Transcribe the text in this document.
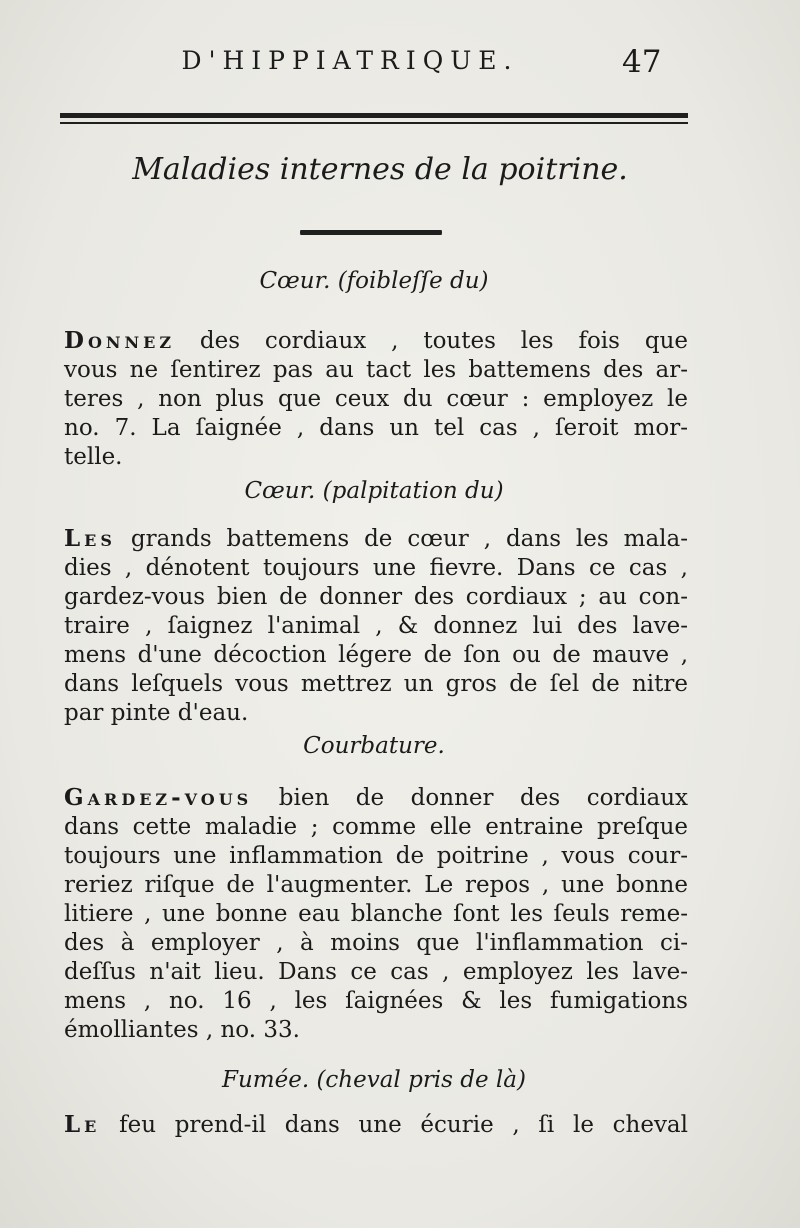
D'HIPPIATRIQUE.	47
Maladies internes de la poitrine.
Cœur. (foibleſſe du)
Donnez des cordiaux , toutes les fois que
vous ne ſentirez pas au tact les battemens des ar-
teres , non plus que ceux du cœur : employez le
no. 7. La ſaignée , dans un tel cas , ſeroit mor-
telle.
Cœur. (palpitation du)
Les grands battemens de cœur , dans les mala-
dies , dénotent toujours une fievre. Dans ce cas ,
gardez-vous bien de donner des cordiaux ; au con-
traire , ſaignez l'animal , & donnez lui des lave-
mens d'une décoction légere de ſon ou de mauve ,
dans leſquels vous mettrez un gros de ſel de nitre
par pinte d'eau.
Courbature.
Gardez-vous bien de donner des cordiaux
dans cette maladie ; comme elle entraine preſque
toujours une inflammation de poitrine , vous cour-
reriez riſque de l'augmenter. Le repos , une bonne
litiere , une bonne eau blanche ſont les ſeuls reme-
des à employer , à moins que l'inflammation ci-
deſſus n'ait lieu. Dans ce cas , employez les lave-
mens , no. 16 , les ſaignées & les fumigations
émolliantes , no. 33.
Fumée. (cheval pris de là)
Le feu prend-il dans une écurie , ſi le cheval
